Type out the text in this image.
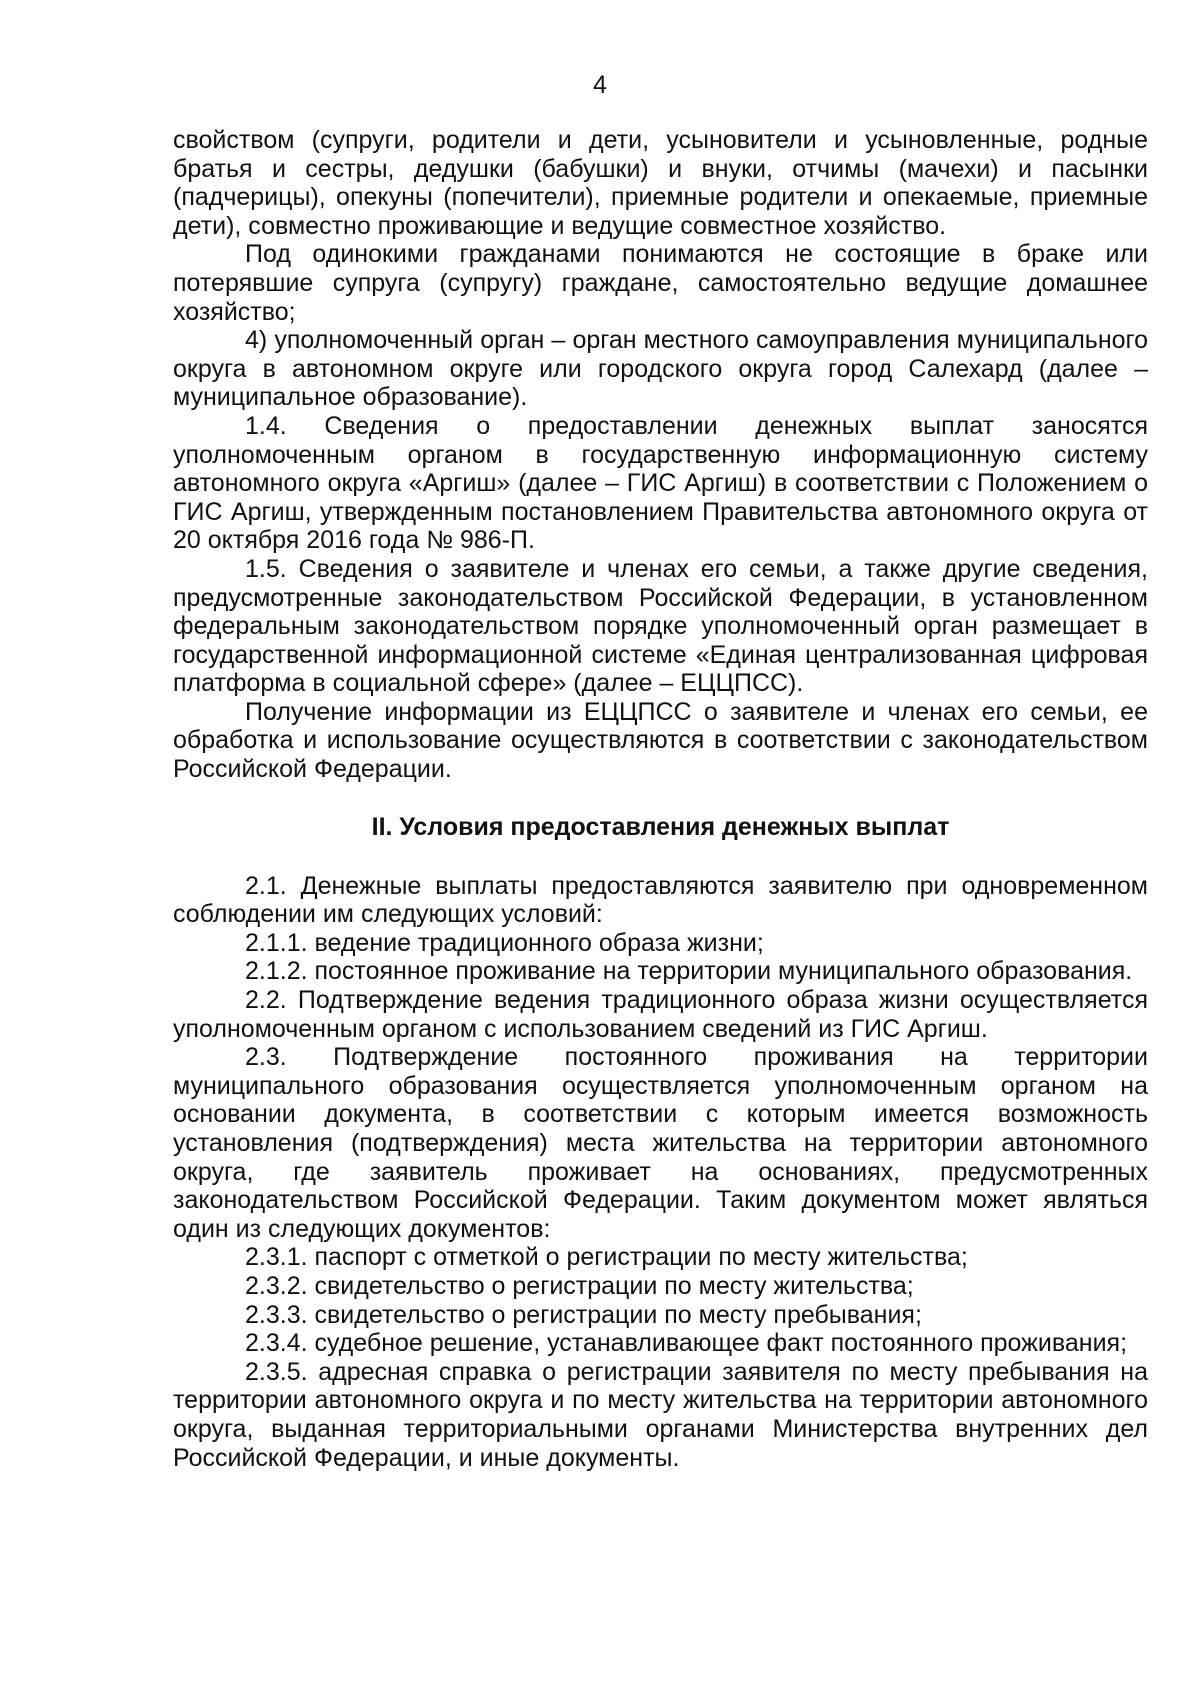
4

свойством (супруги, родители и дети, усыновители и усыновленные, родные братья и сестры, дедушки (бабушки) и внуки, отчимы (мачехи) и пасынки (падчерицы), опекуны (попечители), приемные родители и опекаемые, приемные дети), совместно проживающие и ведущие совместное хозяйство.

Под одинокими гражданами понимаются не состоящие в браке или потерявшие супруга (супругу) граждане, самостоятельно ведущие домашнее хозяйство;

4) уполномоченный орган – орган местного самоуправления муниципального округа в автономном округе или городского округа город Салехард (далее – муниципальное образование).

1.4. Сведения о предоставлении денежных выплат заносятся уполномоченным органом в государственную информационную систему автономного округа «Аргиш» (далее – ГИС Аргиш) в соответствии с Положением о ГИС Аргиш, утвержденным постановлением Правительства автономного округа от 20 октября 2016 года № 986-П.

1.5. Сведения о заявителе и членах его семьи, а также другие сведения, предусмотренные законодательством Российской Федерации, в установленном федеральным законодательством порядке уполномоченный орган размещает в государственной информационной системе «Единая централизованная цифровая платформа в социальной сфере» (далее – ЕЦЦПСС).

Получение информации из ЕЦЦПСС о заявителе и членах его семьи, ее обработка и использование осуществляются в соответствии с законодательством Российской Федерации.

II. Условия предоставления денежных выплат

2.1. Денежные выплаты предоставляются заявителю при одновременном соблюдении им следующих условий:

2.1.1. ведение традиционного образа жизни;

2.1.2. постоянное проживание на территории муниципального образования.

2.2. Подтверждение ведения традиционного образа жизни осуществляется уполномоченным органом с использованием сведений из ГИС Аргиш.

2.3. Подтверждение постоянного проживания на территории муниципального образования осуществляется уполномоченным органом на основании документа, в соответствии с которым имеется возможность установления (подтверждения) места жительства на территории автономного округа, где заявитель проживает на основаниях, предусмотренных законодательством Российской Федерации. Таким документом может являться один из следующих документов:

2.3.1. паспорт с отметкой о регистрации по месту жительства;

2.3.2. свидетельство о регистрации по месту жительства;

2.3.3. свидетельство о регистрации по месту пребывания;

2.3.4. судебное решение, устанавливающее факт постоянного проживания;

2.3.5. адресная справка о регистрации заявителя по месту пребывания на территории автономного округа и по месту жительства на территории автономного округа, выданная территориальными органами Министерства внутренних дел Российской Федерации, и иные документы.
